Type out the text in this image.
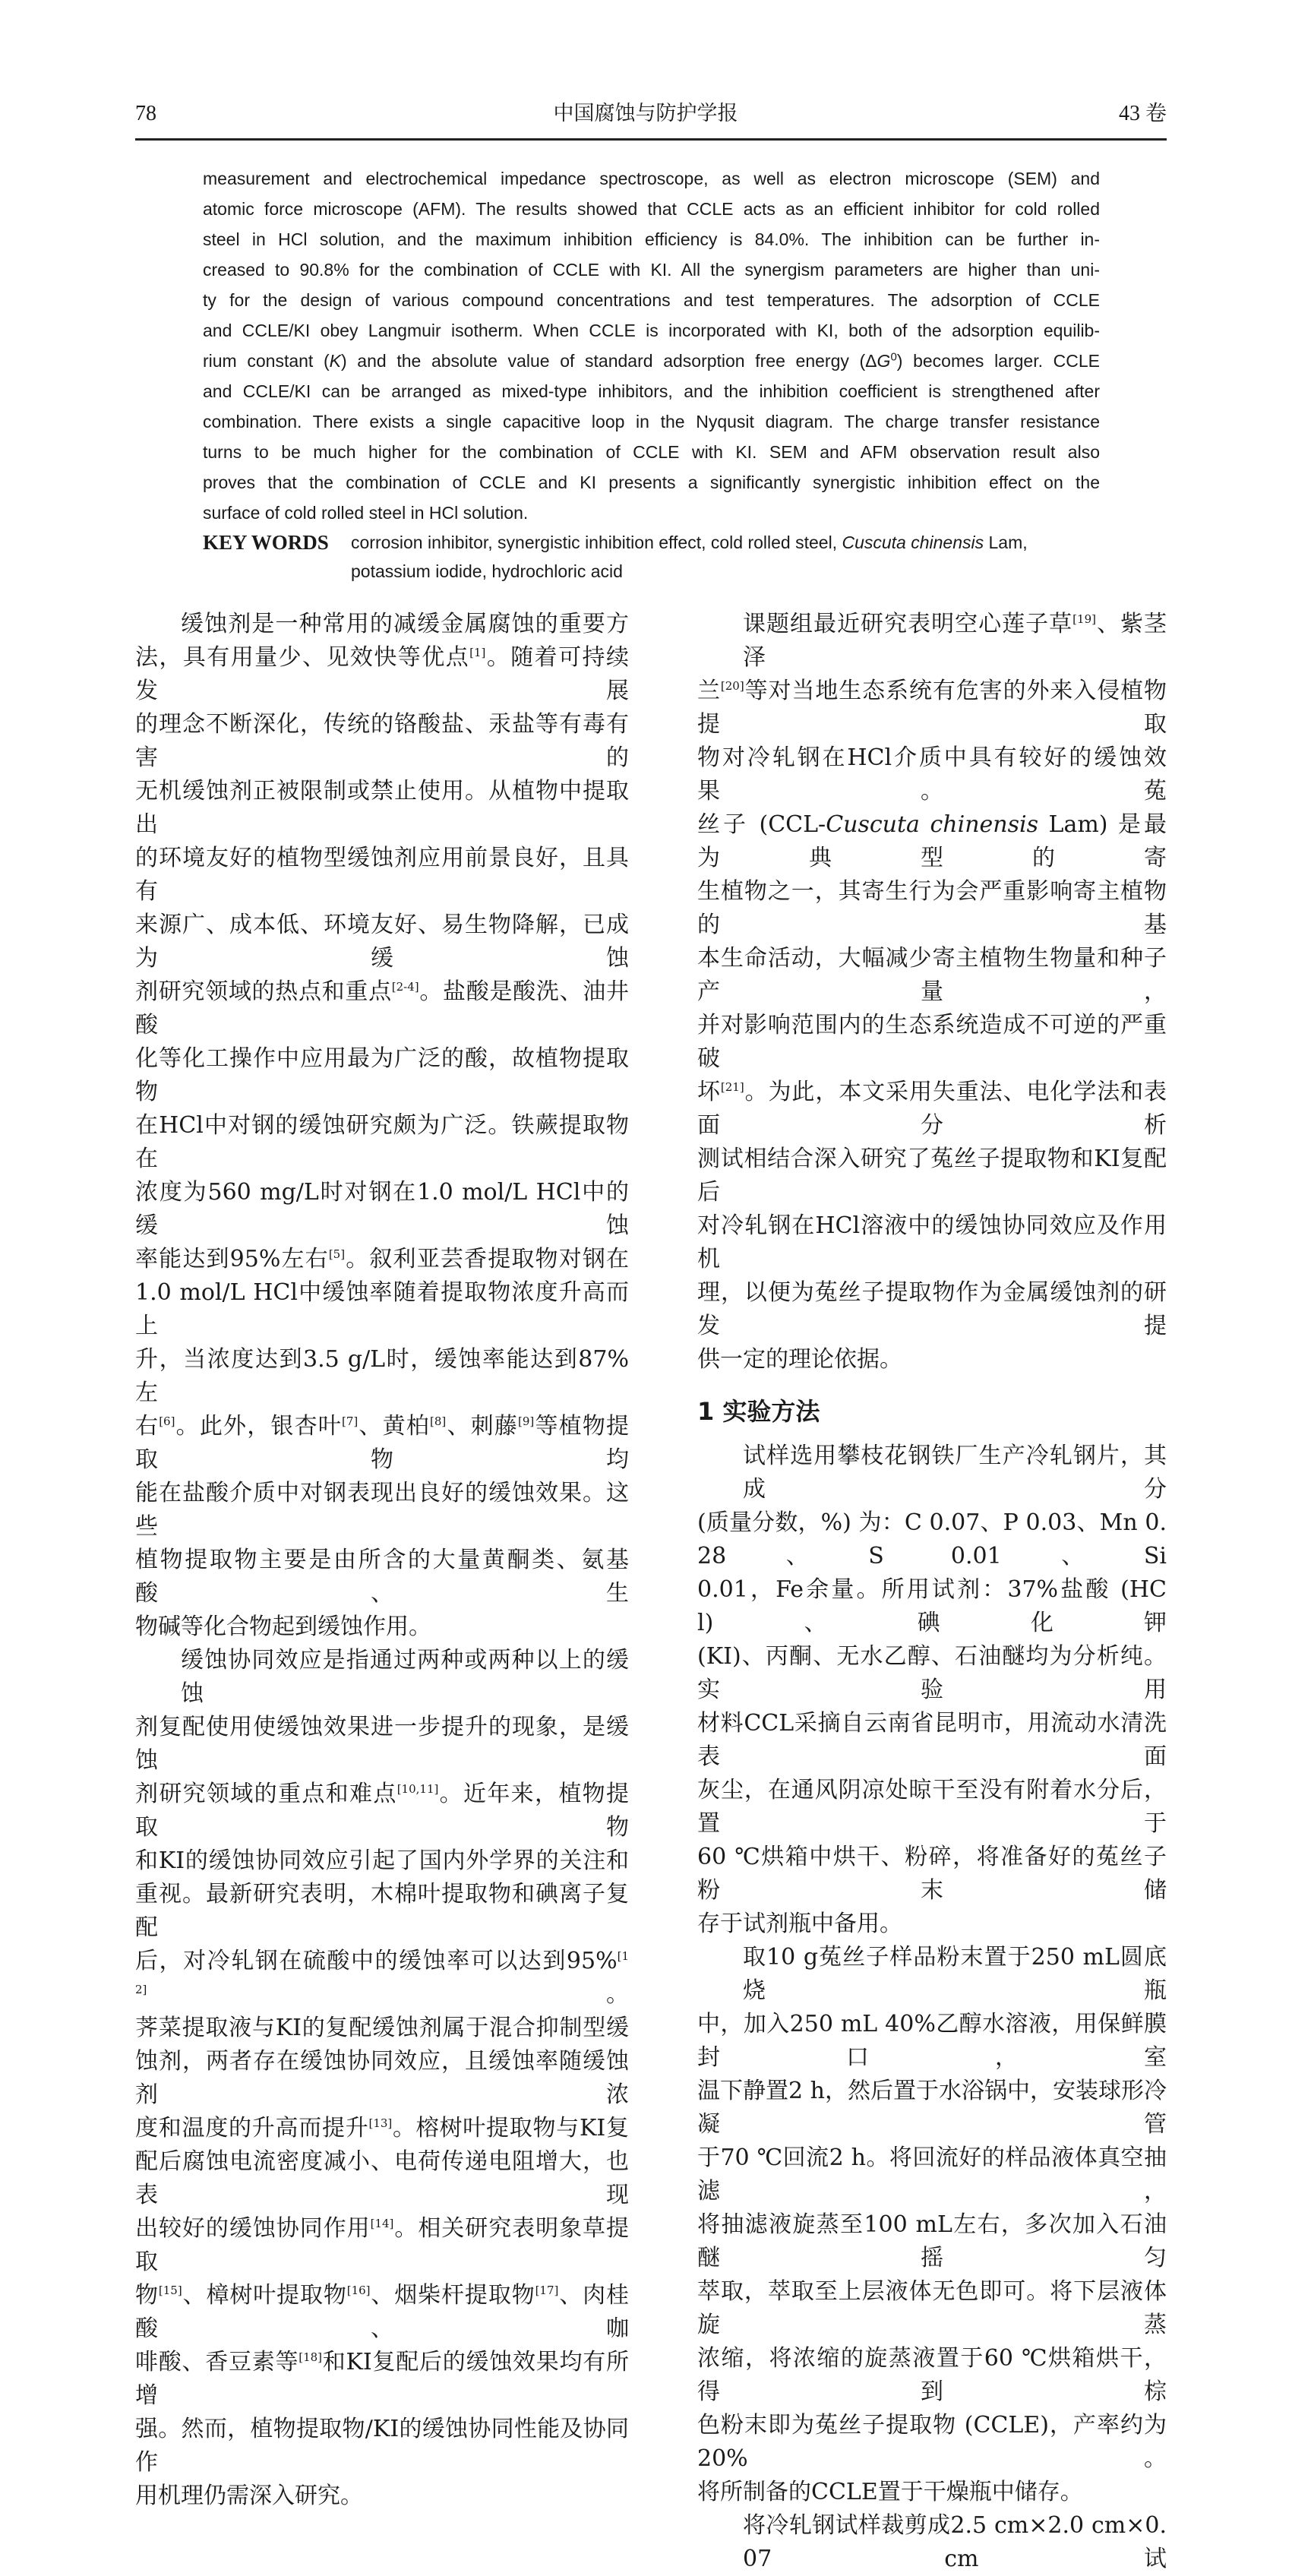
78	中国腐蚀与防护学报	43 卷
measurement and electrochemical impedance spectroscope, as well as electron microscope (SEM) and
atomic force microscope (AFM). The results showed that CCLE acts as an efficient inhibitor for cold rolled
steel in HCl solution, and the maximum inhibition efficiency is 84.0%. The inhibition can be further in-
creased to 90.8% for the combination of CCLE with KI. All the synergism parameters are higher than uni-
ty for the design of various compound concentrations and test temperatures. The adsorption of CCLE
and CCLE/KI obey Langmuir isotherm. When CCLE is incorporated with KI, both of the adsorption equilib-
rium constant (K) and the absolute value of standard adsorption free energy $(\Delta G^0)$ becomes larger. CCLE
and CCLE/KI can be arranged as mixed-type inhibitors, and the inhibition coefficient is strengthened after
combination. There exists a single capacitive loop in the Nyqusit diagram. The charge transfer resistance
turns to be much higher for the combination of CCLE with KI. SEM and AFM observation result also
proves that the combination of CCLE and KI presents a significantly synergistic inhibition effect on the
surface of cold rolled steel in HCl solution.
KEY WORDS corrosion inhibitor, synergistic inhibition effect, cold rolled steel, Cuscuta chinensis Lam,
potassium iodide, hydrochloric acid
缓蚀剂是一种常用的减缓金属腐蚀的重要方
法，具有用量少、见效快等优点[1]。随着可持续发展
的理念不断深化，传统的铬酸盐、汞盐等有毒有害的
无机缓蚀剂正被限制或禁止使用。从植物中提取出
的环境友好的植物型缓蚀剂应用前景良好，且具有
来源广、成本低、环境友好、易生物降解，已成为缓蚀
剂研究领域的热点和重点[2-4]。盐酸是酸洗、油井酸
化等化工操作中应用最为广泛的酸，故植物提取物
在HCl中对钢的缓蚀研究颇为广泛。铁蕨提取物在
浓度为560 mg/L时对钢在1.0 mol/L HCl中的缓蚀
率能达到95%左右[5]。叙利亚芸香提取物对钢在
1.0 mol/L HCl中缓蚀率随着提取物浓度升高而上
升，当浓度达到3.5 g/L时，缓蚀率能达到87%左
右[6]。此外，银杏叶[7]、黄柏[8]、刺藤[9]等植物提取物均
能在盐酸介质中对钢表现出良好的缓蚀效果。这些
植物提取物主要是由所含的大量黄酮类、氨基酸、生
物碱等化合物起到缓蚀作用。
缓蚀协同效应是指通过两种或两种以上的缓蚀
剂复配使用使缓蚀效果进一步提升的现象，是缓蚀
剂研究领域的重点和难点[10,11]。近年来，植物提取物
和KI的缓蚀协同效应引起了国内外学界的关注和
重视。最新研究表明，木棉叶提取物和碘离子复配
后，对冷轧钢在硫酸中的缓蚀率可以达到95%[12]。
荠菜提取液与KI的复配缓蚀剂属于混合抑制型缓
蚀剂，两者存在缓蚀协同效应，且缓蚀率随缓蚀剂浓
度和温度的升高而提升[13]。榕树叶提取物与KI复
配后腐蚀电流密度减小、电荷传递电阻增大，也表现
出较好的缓蚀协同作用[14]。相关研究表明象草提取
物[15]、樟树叶提取物[16]、烟柴杆提取物[17]、肉桂酸、咖
啡酸、香豆素等[18]和KI复配后的缓蚀效果均有所增
强。然而，植物提取物/KI的缓蚀协同性能及协同作
用机理仍需深入研究。
课题组最近研究表明空心莲子草[19]、紫茎泽
兰[20]等对当地生态系统有危害的外来入侵植物提取
物对冷轧钢在HCl介质中具有较好的缓蚀效果。菟
丝子 (CCL-Cuscuta chinensis Lam) 是最为典型的寄
生植物之一，其寄生行为会严重影响寄主植物的基
本生命活动，大幅减少寄主植物生物量和种子产量，
并对影响范围内的生态系统造成不可逆的严重破
坏[21]。为此，本文采用失重法、电化学法和表面分析
测试相结合深入研究了菟丝子提取物和KI复配后
对冷轧钢在HCl溶液中的缓蚀协同效应及作用机
理，以便为菟丝子提取物作为金属缓蚀剂的研发提
供一定的理论依据。
1 实验方法
试样选用攀枝花钢铁厂生产冷轧钢片，其成分
(质量分数，%) 为：C 0.07、P 0.03、Mn 0.28、S 0.01、Si
0.01，Fe余量。所用试剂：37%盐酸 (HCl)、碘化钾
(KI)、丙酮、无水乙醇、石油醚均为分析纯。实验用
材料CCL采摘自云南省昆明市，用流动水清洗表面
灰尘，在通风阴凉处晾干至没有附着水分后，置于
60 ℃烘箱中烘干、粉碎，将准备好的菟丝子粉末储
存于试剂瓶中备用。
取10 g菟丝子样品粉末置于250 mL圆底烧瓶
中，加入250 mL 40%乙醇水溶液，用保鲜膜封口，室
温下静置2 h，然后置于水浴锅中，安装球形冷凝管
于70 ℃回流2 h。将回流好的样品液体真空抽滤，
将抽滤液旋蒸至100 mL左右，多次加入石油醚摇匀
萃取，萃取至上层液体无色即可。将下层液体旋蒸
浓缩，将浓缩的旋蒸液置于60 ℃烘箱烘干，得到棕
色粉末即为菟丝子提取物 (CCLE)，产率约为20%。
将所制备的CCLE置于干燥瓶中储存。
将冷轧钢试样裁剪成2.5 cm×2.0 cm×0.07 cm试
